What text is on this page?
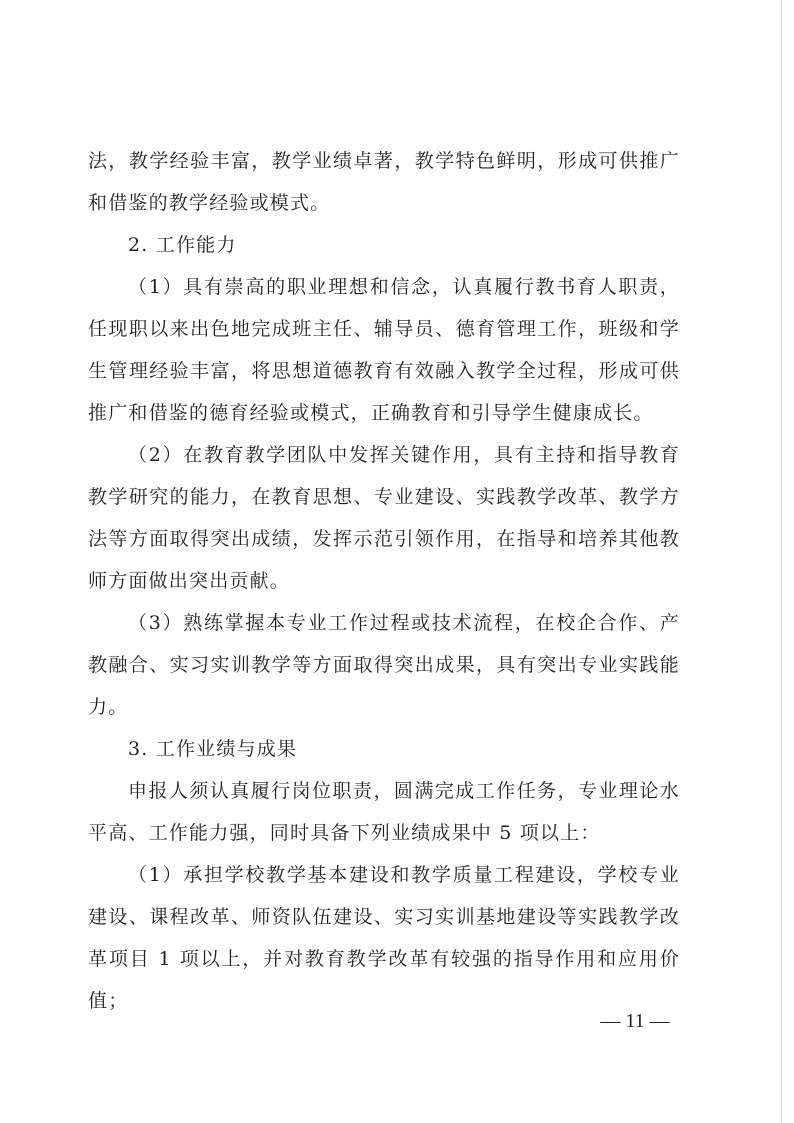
法，教学经验丰富，教学业绩卓著，教学特色鲜明，形成可供推广和借鉴的教学经验或模式。

2. 工作能力

（1）具有崇高的职业理想和信念，认真履行教书育人职责，任现职以来出色地完成班主任、辅导员、德育管理工作，班级和学生管理经验丰富，将思想道德教育有效融入教学全过程，形成可供推广和借鉴的德育经验或模式，正确教育和引导学生健康成长。

（2）在教育教学团队中发挥关键作用，具有主持和指导教育教学研究的能力，在教育思想、专业建设、实践教学改革、教学方法等方面取得突出成绩，发挥示范引领作用，在指导和培养其他教师方面做出突出贡献。

（3）熟练掌握本专业工作过程或技术流程，在校企合作、产教融合、实习实训教学等方面取得突出成果，具有突出专业实践能力。

3. 工作业绩与成果

申报人须认真履行岗位职责，圆满完成工作任务，专业理论水平高、工作能力强，同时具备下列业绩成果中 5 项以上：

（1）承担学校教学基本建设和教学质量工程建设，学校专业建设、课程改革、师资队伍建设、实习实训基地建设等实践教学改革项目 1 项以上，并对教育教学改革有较强的指导作用和应用价值；

— 11 —
